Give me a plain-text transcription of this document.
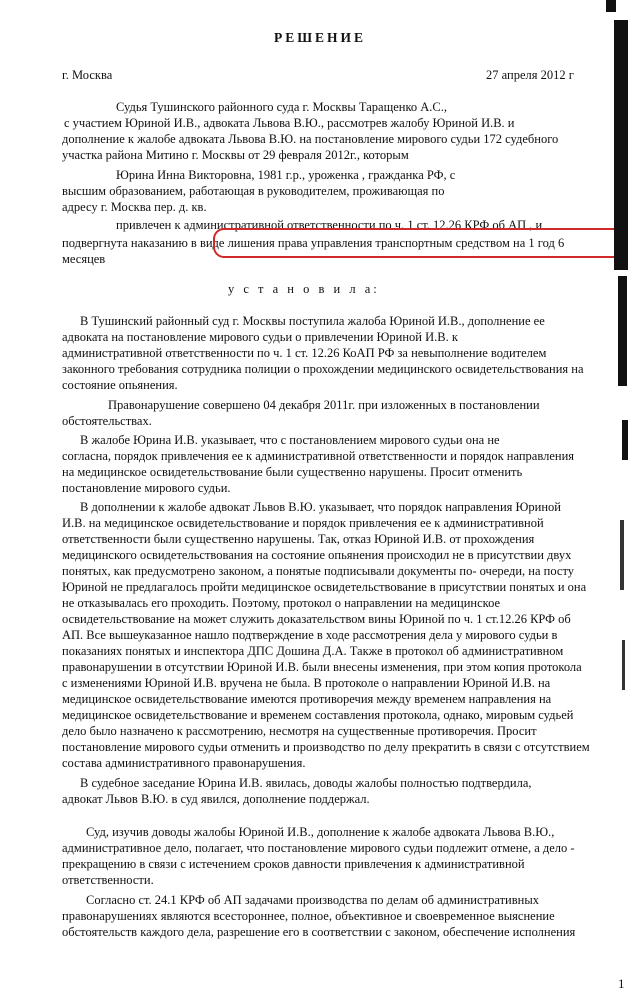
РЕШЕНИЕ
г. Москва	27 апреля 2012 г
Судья Тушинского районного суда г. Москвы Таращенко А.С.,
с участием Юриной И.В., адвоката Львова В.Ю., рассмотрев жалобу Юриной И.В. и
дополнение к жалобе адвоката Львова В.Ю. на постановление мирового судьи 172 судебного
участка района Митино г. Москвы от 29 февраля 2012г., которым
Юрина Инна Викторовна, 1981 г.р., уроженка , гражданка РФ, с
высшим образованием, работающая в руководителем, проживающая по
адресу г. Москва пер. д. кв.
привлечен к административной ответственности по ч. 1 ст. 12.26 КРФ об АП , и
подвергнута наказанию в виде лишения права управления транспортным средством на 1 год 6
месяцев
у с т а н о в и л а:
В Тушинский районный суд г. Москвы поступила жалоба Юриной И.В., дополнение ее
адвоката на постановление мирового судьи о привлечении Юриной И.В. к
административной ответственности по ч. 1 ст. 12.26 КоАП РФ за невыполнение водителем
законного требования сотрудника полиции о прохождении медицинского освидетельствования на
состояние опьянения.
Правонарушение совершено 04 декабря 2011г. при изложенных в постановлении
обстоятельствах.
В жалобе Юрина И.В. указывает, что с постановлением мирового судьи она не
согласна, порядок привлечения ее к административной ответственности и порядок направления
на медицинское освидетельствование были существенно нарушены. Просит отменить
постановление мирового судьи.
В дополнении к жалобе адвокат Львов В.Ю. указывает, что порядок направления Юриной
И.В. на медицинское освидетельствование и порядок привлечения ее к административной
ответственности были существенно нарушены. Так, отказ Юриной И.В. от прохождения
медицинского освидетельствования на состояние опьянения происходил не в присутствии двух
понятых, как предусмотрено законом, а понятые подписывали документы по- очереди, на посту
Юриной не предлагалось пройти медицинское освидетельствование в присутствии понятых и она
не отказывалась его проходить. Поэтому, протокол о направлении на медицинское
освидетельствование на может служить доказательством вины Юриной по ч. 1 ст.12.26 КРФ об
АП. Все вышеуказанное нашло подтверждение в ходе рассмотрения дела у мирового судьи в
показаниях понятых и инспектора ДПС Дошина Д.А. Также в протокол об административном
правонарушении в отсутствии Юриной И.В. были внесены изменения, при этом копия протокола
с изменениями Юриной И.В. вручена не была. В протоколе о направлении Юриной И.В. на
медицинское освидетельствование имеются противоречия между временем направления на
медицинское освидетельствование и временем составления протокола, однако, мировым судьей
дело было назначено к рассмотрению, несмотря на существенные противоречия. Просит
постановление мирового судьи отменить и производство по делу прекратить в связи с отсутствием
состава административного правонарушения.
В судебное заседание Юрина И.В. явилась, доводы жалобы полностью подтвердила,
адвокат Львов В.Ю. в суд явился, дополнение поддержал.
Суд, изучив доводы жалобы Юриной И.В., дополнение к жалобе адвоката Львова В.Ю.,
административное дело, полагает, что постановление мирового судьи подлежит отмене, а дело -
прекращению в связи с истечением сроков давности привлечения к административной
ответственности.
Согласно ст. 24.1 КРФ об АП задачами производства по делам об административных
правонарушениях являются всестороннее, полное, объективное и своевременное выяснение
обстоятельств каждого дела, разрешение его в соответствии с законом, обеспечение исполнения
1
